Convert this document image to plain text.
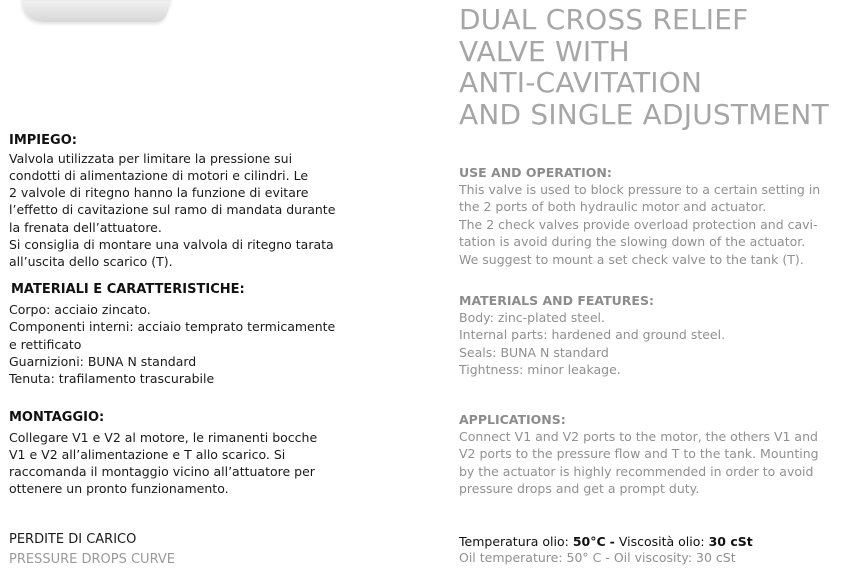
IMPIEGO:

Valvola utilizzata per limitare la pressione sui
condotti di alimentazione di motori e cilindri. Le
2 valvole di ritegno hanno la funzione di evitare
l’effetto di cavitazione sul ramo di mandata durante
la frenata dell’attuatore.
Si consiglia di montare una valvola di ritegno tarata
all’uscita dello scarico (T).

MATERIALI E CARATTERISTICHE:

Corpo: acciaio zincato.
Componenti interni: acciaio temprato termicamente
e rettificato
Guarnizioni: BUNA N standard
Tenuta: trafilamento trascurabile

MONTAGGIO:

Collegare V1 e V2 al motore, le rimanenti bocche
V1 e V2 all’alimentazione e T allo scarico. Si
raccomanda il montaggio vicino all’attuatore per
ottenere un pronto funzionamento.

PERDITE DI CARICO
PRESSURE DROPS CURVE
DUAL CROSS RELIEF
VALVE WITH
ANTI-CAVITATION
AND SINGLE ADJUSTMENT

USE AND OPERATION:

This valve is used to block pressure to a certain setting in
the 2 ports of both hydraulic motor and actuator.
The 2 check valves provide overload protection and cavi-
tation is avoid during the slowing down of the actuator.
We suggest to mount a set check valve to the tank (T).

MATERIALS AND FEATURES:

Body: zinc-plated steel.
Internal parts: hardened and ground steel.
Seals: BUNA N standard
Tightness: minor leakage.

APPLICATIONS:

Connect V1 and V2 ports to the motor, the others V1 and
V2 ports to the pressure flow and T to the tank. Mounting
by the actuator is highly recommended in order to avoid
pressure drops and get a prompt duty.

Temperatura olio: 50°C - Viscosità olio: 30 cSt
Oil temperature: 50° C - Oil viscosity: 30 cSt
